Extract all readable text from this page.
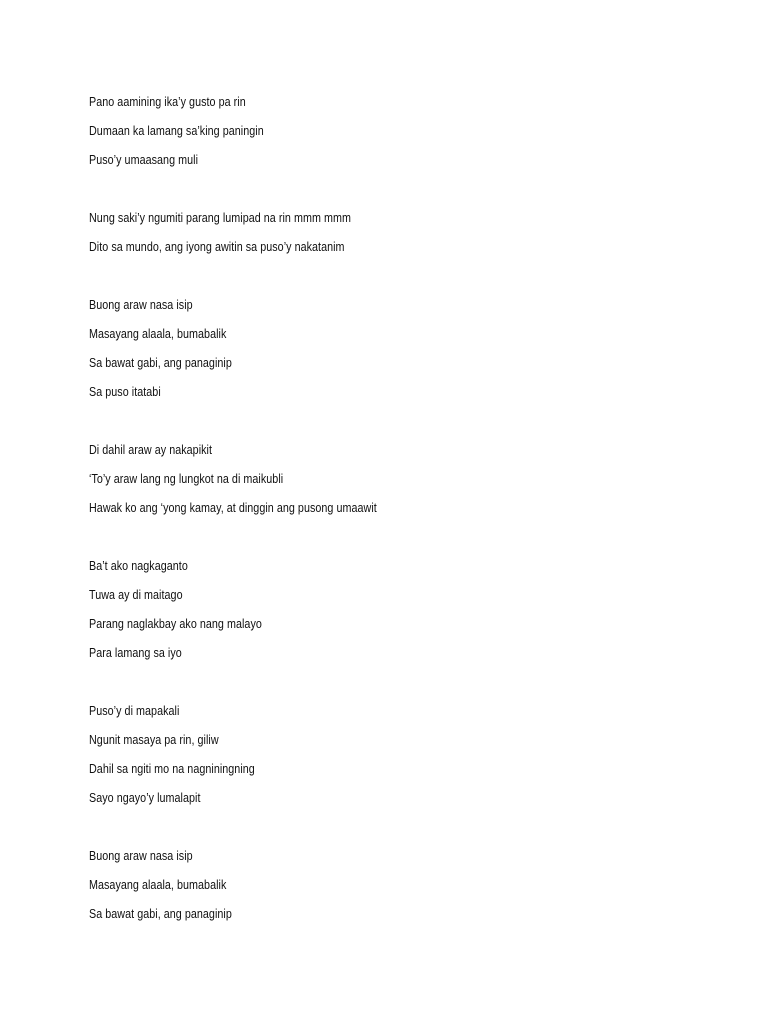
Pano aamining ika’y gusto pa rin
Dumaan ka lamang sa’king paningin
Puso’y umaasang muli
Nung saki’y ngumiti parang lumipad na rin mmm mmm
Dito sa mundo, ang iyong awitin sa puso’y nakatanim
Buong araw nasa isip
Masayang alaala, bumabalik
Sa bawat gabi, ang panaginip
Sa puso itatabi
Di dahil araw ay nakapikit
‘To’y araw lang ng lungkot na di maikubli
Hawak ko ang ‘yong kamay, at dinggin ang pusong umaawit
Ba’t ako nagkaganto
Tuwa ay di maitago
Parang naglakbay ako nang malayo
Para lamang sa iyo
Puso’y di mapakali
Ngunit masaya pa rin, giliw
Dahil sa ngiti mo na nagniningning
Sayo ngayo’y lumalapit
Buong araw nasa isip
Masayang alaala, bumabalik
Sa bawat gabi, ang panaginip
